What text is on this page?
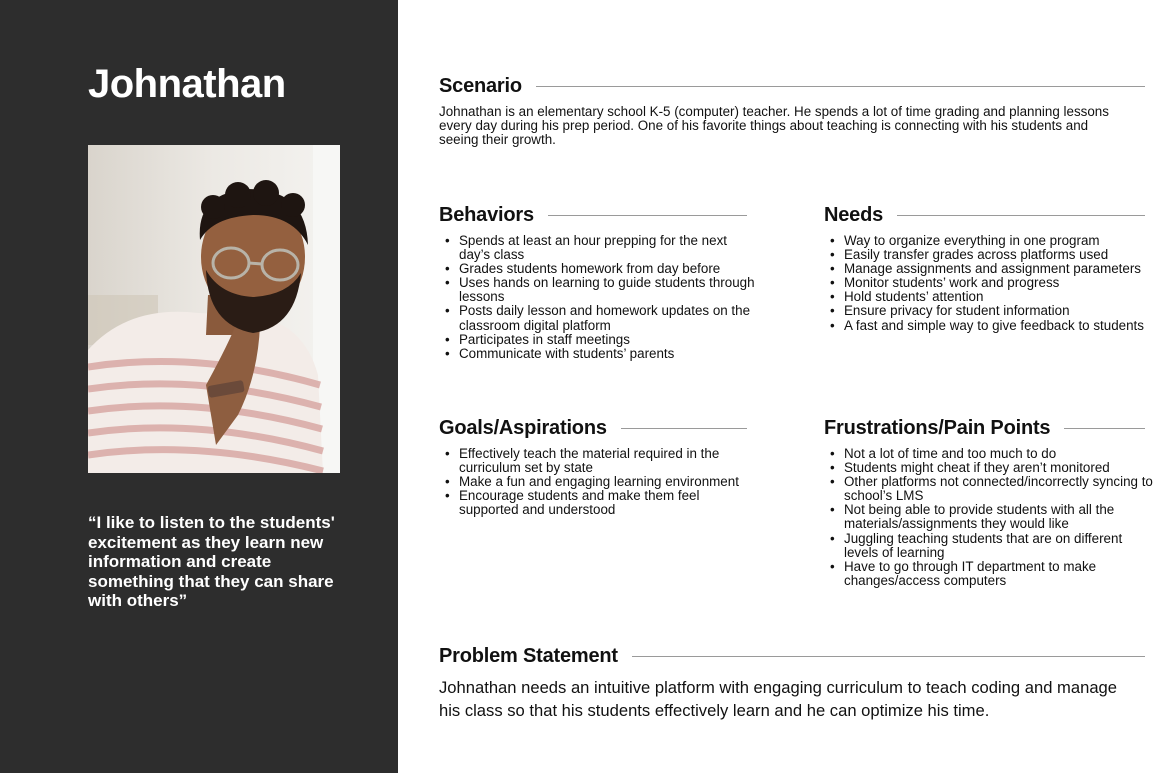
Johnathan
“I like to listen to the students' excitement as they learn new information and create something that they can share with others”
Scenario

Johnathan is an elementary school K-5 (computer) teacher. He spends a lot of time grading and planning lessons every day during his prep period. One of his favorite things about teaching is connecting with his students and seeing their growth.

Behaviors
• Spends at least an hour prepping for the next day’s class
• Grades students homework from day before
• Uses hands on learning to guide students through lessons
• Posts daily lesson and homework updates on the classroom digital platform
• Participates in staff meetings
• Communicate with students’ parents
Needs
• Way to organize everything in one program
• Easily transfer grades across platforms used
• Manage assignments and assignment parameters
• Monitor students’ work and progress
• Hold students’ attention
• Ensure privacy for student information
• A fast and simple way to give feedback to students
Goals/Aspirations
• Effectively teach the material required in the curriculum set by state
• Make a fun and engaging learning environment
• Encourage students and make them feel supported and understood
Frustrations/Pain Points
• Not a lot of time and too much to do
• Students might cheat if they aren’t monitored
• Other platforms not connected/incorrectly syncing to school’s LMS
• Not being able to provide students with all the materials/assignments they would like
• Juggling teaching students that are on different levels of learning
• Have to go through IT department to make changes/access computers
Problem Statement

Johnathan needs an intuitive platform with engaging curriculum to teach coding and manage his class so that his students effectively learn and he can optimize his time.
